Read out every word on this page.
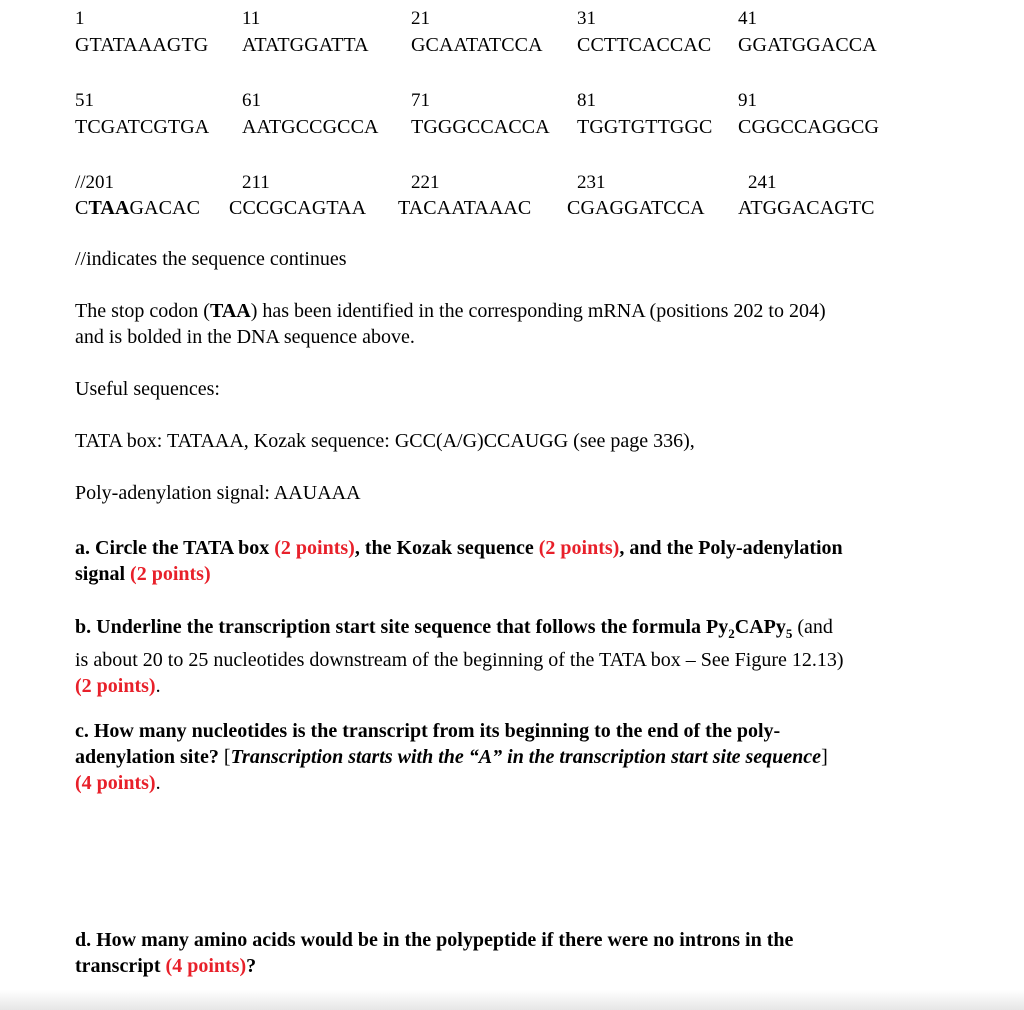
1	11	21	31	41
GTATAAAGTG ATATGGATTA GCAATATCCA CCTTCACCAC GGATGGACCA
51	61	71	81	91
TCGATCGTGA AATGCCGCCA TGGGCCACCA TGGTGTTGGC CGGCCAGGCG
//201	211	221	231	241
CTAAGACAC CCCGCAGTAA TACAATAAAC CGAGGATCCA ATGGACAGTC
//indicates the sequence continues
The stop codon (TAA) has been identified in the corresponding mRNA (positions 202 to 204)
and is bolded in the DNA sequence above.
Useful sequences:
TATA box: TATAAA, Kozak sequence: GCC(A/G)CCAUGG (see page 336),
Poly-adenylation signal: AAUAAA
a. Circle the TATA box (2 points), the Kozak sequence (2 points), and the Poly-adenylation
signal (2 points)
b. Underline the transcription start site sequence that follows the formula $Py_2CAPy_5$ (and
is about 20 to 25 nucleotides downstream of the beginning of the TATA box – See Figure 12.13)
(2 points).
c. How many nucleotides is the transcript from its beginning to the end of the poly-
adenylation site? [Transcription starts with the “A” in the transcription start site sequence]
(4 points).
d. How many amino acids would be in the polypeptide if there were no introns in the
transcript (4 points)?
